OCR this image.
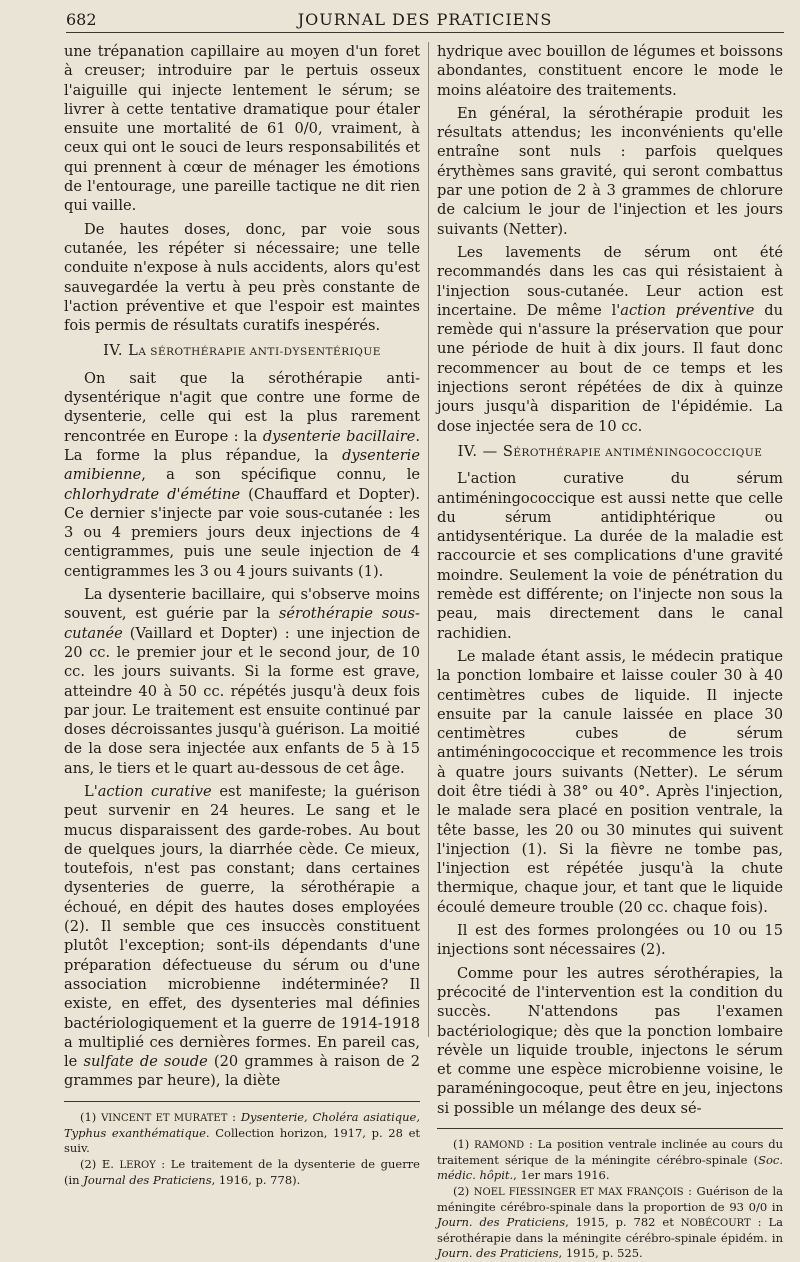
682	JOURNAL DES PRATICIENS

une trépanation capillaire au moyen d'un foret à creuser; introduire par le pertuis osseux l'aiguille qui injecte lentement le sérum; se livrer à cette tentative dramatique pour étaler ensuite une mortalité de 61 0/0, vraiment, à ceux qui ont le souci de leurs responsabilités et qui prennent à cœur de ménager les émotions de l'entourage, une pareille tactique ne dit rien qui vaille.

De hautes doses, donc, par voie sous cutanée, les répéter si nécessaire; une telle conduite n'expose à nuls accidents, alors qu'est sauvegardée la vertu à peu près constante de l'action préventive et que l'espoir est maintes fois permis de résultats curatifs inespérés.

IV. LA SÉROTHÉRAPIE ANTI-DYSENTÉRIQUE

On sait que la sérothérapie anti-dysentérique n'agit que contre une forme de dysenterie, celle qui est la plus rarement rencontrée en Europe : la dysenterie bacillaire. La forme la plus répandue, la dysenterie amibienne, a son spécifique connu, le chlorhydrate d'émétine (Chauffard et Dopter). Ce dernier s'injecte par voie sous-cutanée : les 3 ou 4 premiers jours deux injections de 4 centigrammes, puis une seule injection de 4 centigrammes les 3 ou 4 jours suivants (1).

La dysenterie bacillaire, qui s'observe moins souvent, est guérie par la sérothérapie sous-cutanée (Vaillard et Dopter) : une injection de 20 cc. le premier jour et le second jour, de 10 cc. les jours suivants. Si la forme est grave, atteindre 40 à 50 cc. répétés jusqu'à deux fois par jour. Le traitement est ensuite continué par doses décroissantes jusqu'à guérison. La moitié de la dose sera injectée aux enfants de 5 à 15 ans, le tiers et le quart au-dessous de cet âge.

L'action curative est manifeste; la guérison peut survenir en 24 heures. Le sang et le mucus disparaissent des garde-robes. Au bout de quelques jours, la diarrhée cède. Ce mieux, toutefois, n'est pas constant; dans certaines dysenteries de guerre, la sérothérapie a échoué, en dépit des hautes doses employées (2). Il semble que ces insuccès constituent plutôt l'exception; sont-ils dépendants d'une préparation défectueuse du sérum ou d'une association microbienne indéterminée? Il existe, en effet, des dysenteries mal définies bactériologiquement et la guerre de 1914-1918 a multiplié ces dernières formes. En pareil cas, le sulfate de soude (20 grammes à raison de 2 grammes par heure), la diète

(1) VINCENT ET MURATET : Dysenterie, Choléra asiatique, Typhus exanthématique. Collection horizon, 1917, p. 28 et suiv.

(2) E. LEROY : Le traitement de la dysenterie de guerre (in Journal des Praticiens, 1916, p. 778).

hydrique avec bouillon de légumes et boissons abondantes, constituent encore le mode le moins aléatoire des traitements.

En général, la sérothérapie produit les résultats attendus; les inconvénients qu'elle entraîne sont nuls : parfois quelques érythèmes sans gravité, qui seront combattus par une potion de 2 à 3 grammes de chlorure de calcium le jour de l'injection et les jours suivants (Netter).

Les lavements de sérum ont été recommandés dans les cas qui résistaient à l'injection sous-cutanée. Leur action est incertaine. De même l'action préventive du remède qui n'assure la préservation que pour une période de huit à dix jours. Il faut donc recommencer au bout de ce temps et les injections seront répétées de dix à quinze jours jusqu'à disparition de l'épidémie. La dose injectée sera de 10 cc.

IV. — SÉROTHÉRAPIE ANTIMÉNINGOCOCCIQUE

L'action curative du sérum antiméningococcique est aussi nette que celle du sérum antidiphtérique ou antidysentérique. La durée de la maladie est raccourcie et ses complications d'une gravité moindre. Seulement la voie de pénétration du remède est différente; on l'injecte non sous la peau, mais directement dans le canal rachidien.

Le malade étant assis, le médecin pratique la ponction lombaire et laisse couler 30 à 40 centimètres cubes de liquide. Il injecte ensuite par la canule laissée en place 30 centimètres cubes de sérum antiméningococcique et recommence les trois à quatre jours suivants (Netter). Le sérum doit être tiédi à 38° ou 40°. Après l'injection, le malade sera placé en position ventrale, la tête basse, les 20 ou 30 minutes qui suivent l'injection (1). Si la fièvre ne tombe pas, l'injection est répétée jusqu'à la chute thermique, chaque jour, et tant que le liquide écoulé demeure trouble (20 cc. chaque fois).

Il est des formes prolongées ou 10 ou 15 injections sont nécessaires (2).

Comme pour les autres sérothérapies, la précocité de l'intervention est la condition du succès. N'attendons pas l'examen bactériologique; dès que la ponction lombaire révèle un liquide trouble, injectons le sérum et comme une espèce microbienne voisine, le paraméningocoque, peut être en jeu, injectons si possible un mélange des deux sé-

(1) RAMOND : La position ventrale inclinée au cours du traitement sérique de la méningite cérébro-spinale (Soc. médic. hôpit., 1er mars 1916.

(2) NOEL FIESSINGER ET MAX FRANÇOIS : Guérison de la méningite cérébro-spinale dans la proportion de 93 0/0 in Journ. des Praticiens, 1915, p. 782 et NOBÉCOURT : La sérothérapie dans la méningite cérébro-spinale épidém. in Journ. des Praticiens, 1915, p. 525.
